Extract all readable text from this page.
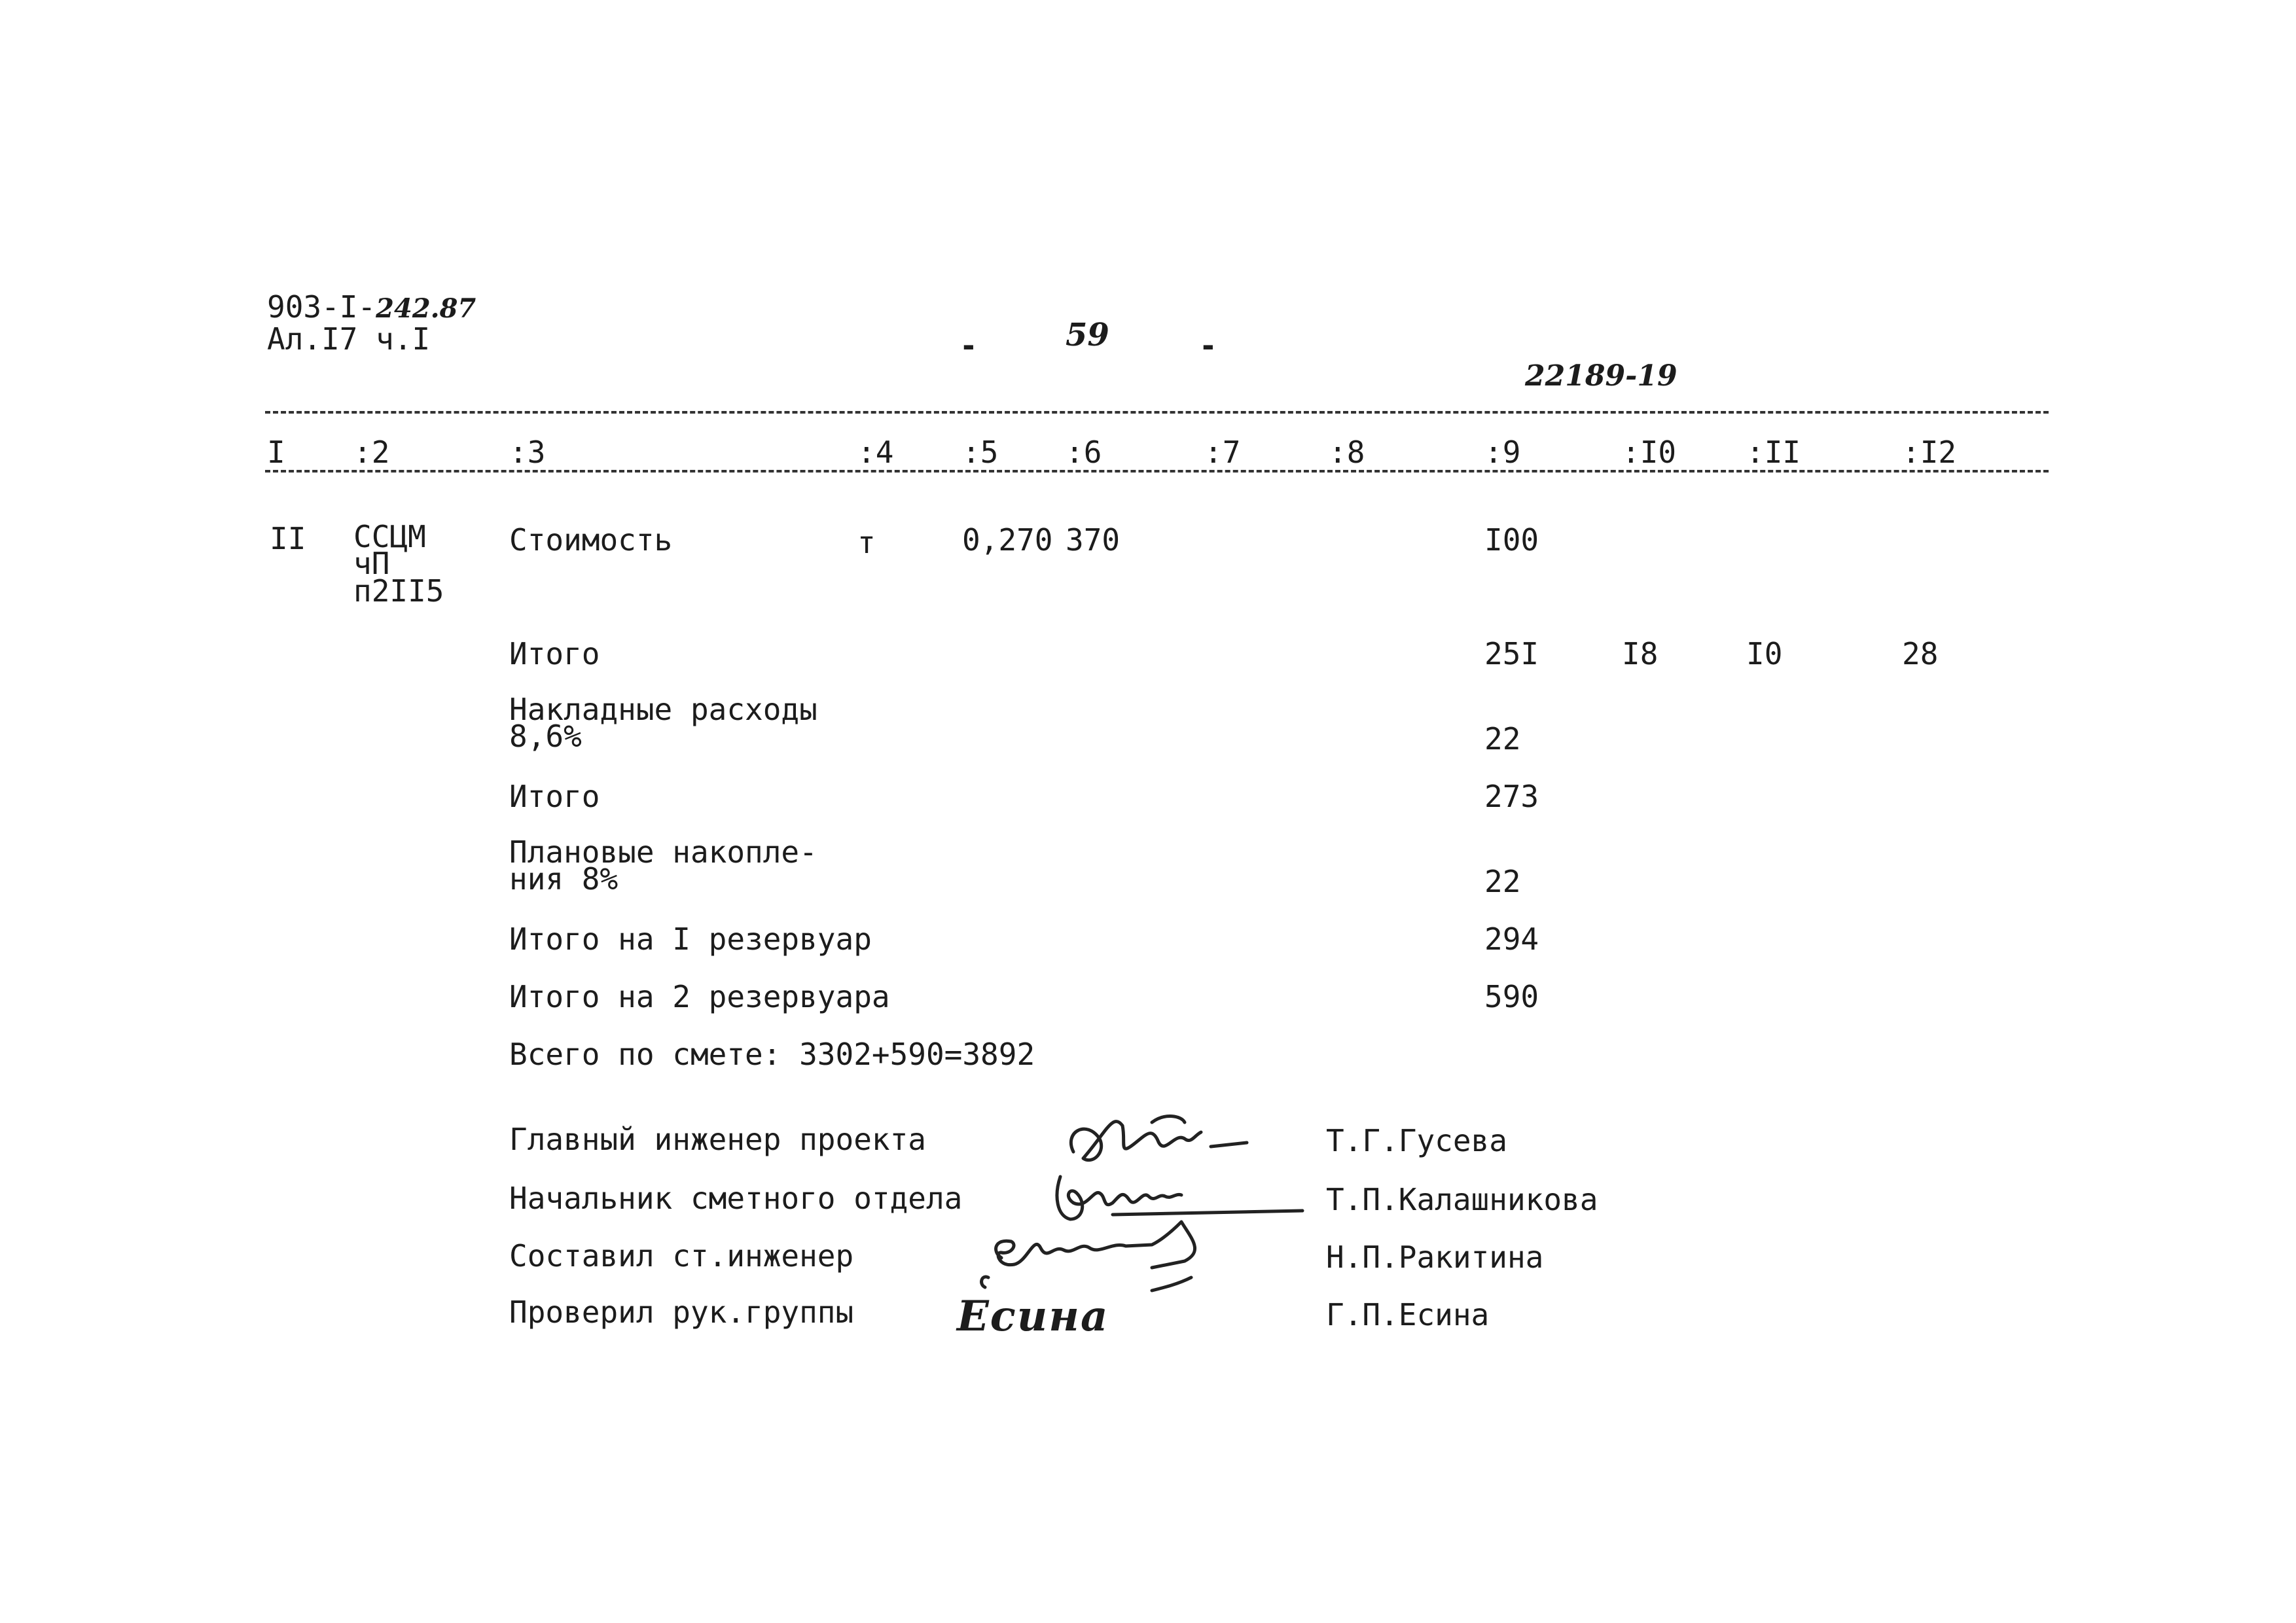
903-I-242.87
Ал.I7 ч.I	-	59	-
22189-19
I :2	:3	:4 :5 :6	:7	:8	:9	:I0 :II	:I2
II ССЦМ
чП
п2II5
Стоимость	т	0,270 370	I00
Итого	25I	I8	I0	28
Накладные расходы
8,6%	22
Итого	273
Плановые накопле-
ния 8%	22
Итого на I резервуар	294
Итого на 2 резервуара	590
Всего по смете: 3302+590=3892
Главный инженер проекта	Т.Г.Гусева
Начальник сметного отдела	Т.П.Калашникова
Составил ст.инженер	Н.П.Ракитина
Проверил рук.группы	Г.П.Есина
Есина
